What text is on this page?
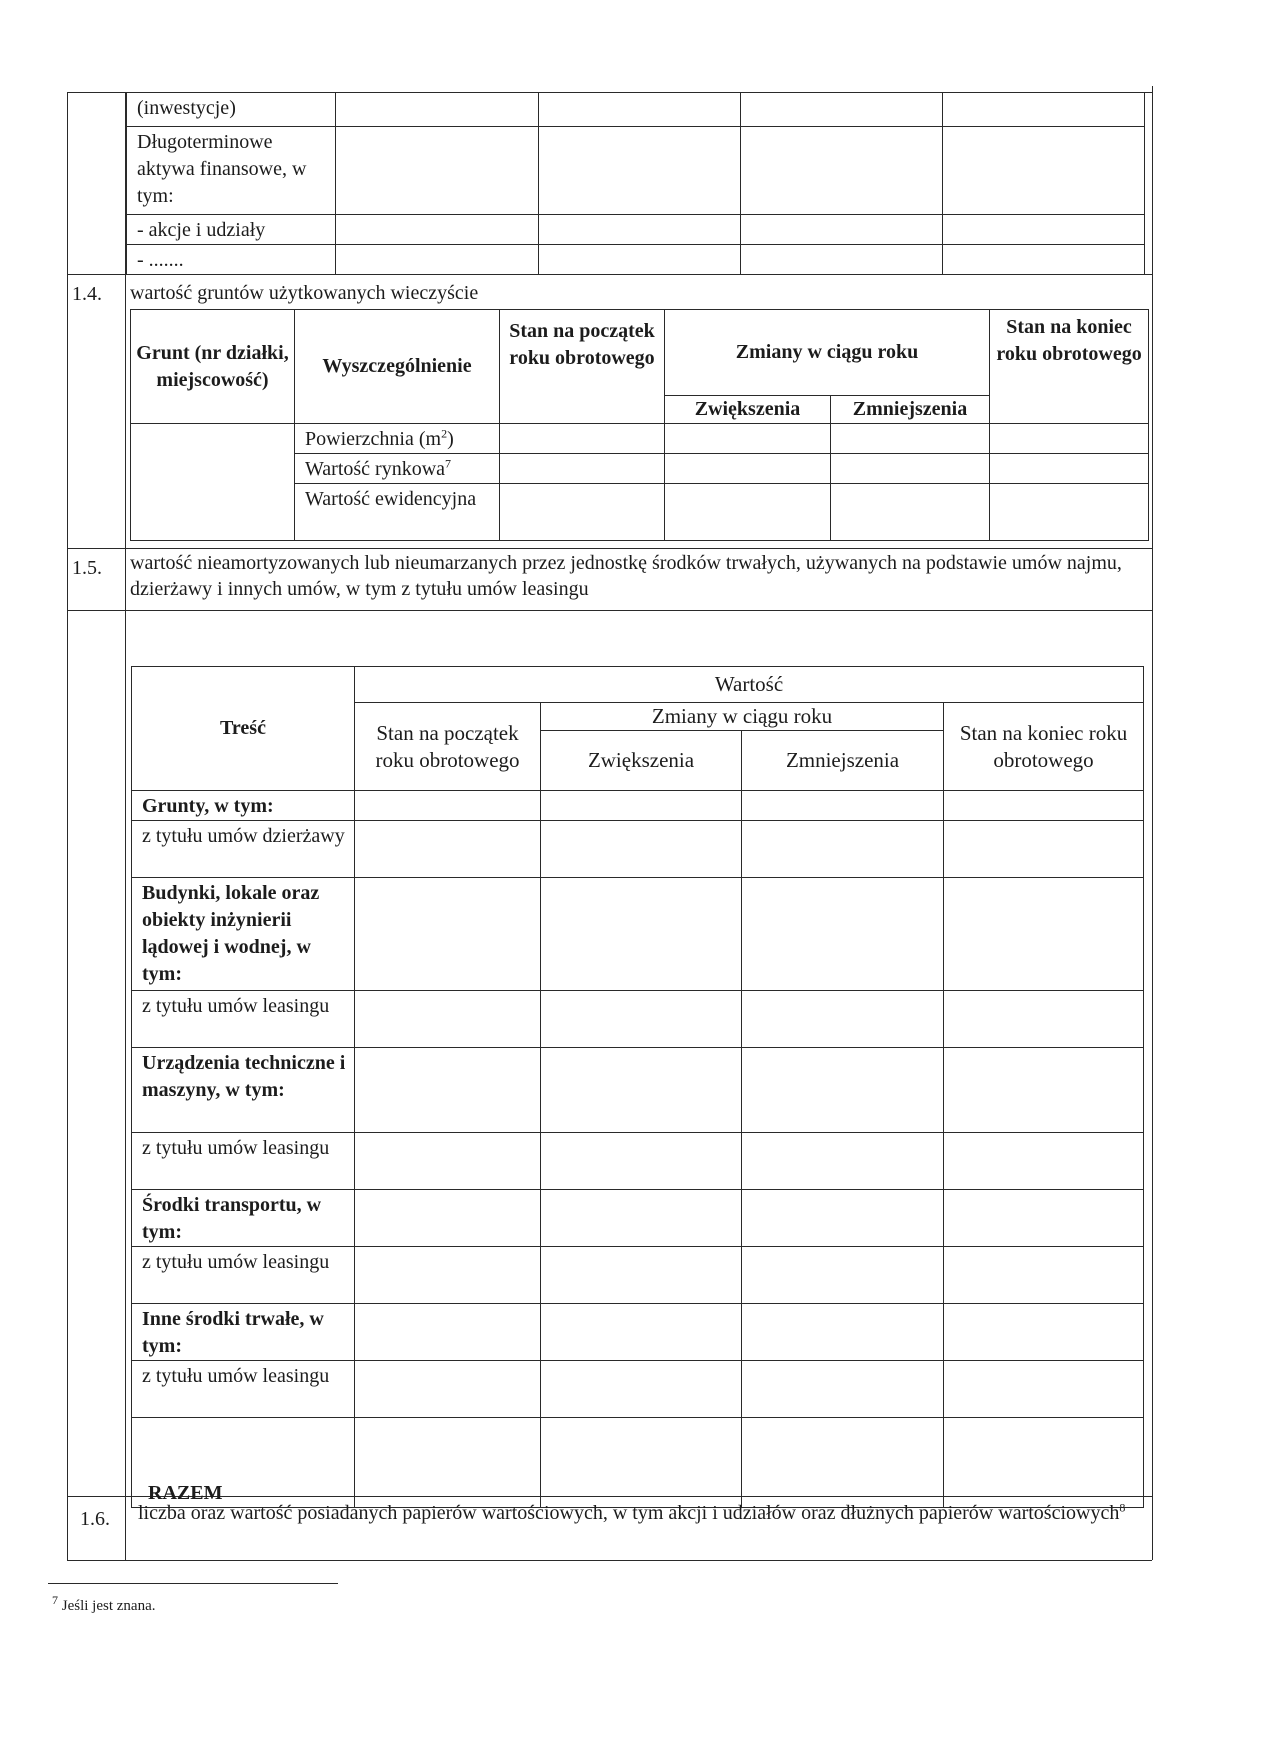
(inwestycje)				
Długoterminowe aktywa finansowe, w tym:				
- akcje i udziały				
- .......				
1.4. wartość gruntów użytkowanych wieczyście
Grunt (nr działki, miejscowość)	Wyszczególnienie	Stan na początek roku obrotowego	Zmiany w ciągu roku		Stan na koniec roku obrotowego
			Zwiększenia	Zmniejszenia	
	Powierzchnia $(m^2)$				
	Wartość rynkowa$^7$				
	Wartość ewidencyjna				
1.5. wartość nieamortyzowanych lub nieumarzanych przez jednostkę środków trwałych, używanych na podstawie umów najmu, dzierżawy i innych umów, w tym z tytułu umów leasingu
Treść	Wartość			
	Stan na początek roku obrotowego	Zmiany w ciągu roku		Stan na koniec roku obrotowego
		Zwiększenia	Zmniejszenia	
Grunty, w tym:				
z tytułu umów dzierżawy				
Budynki, lokale oraz obiekty inżynierii lądowej i wodnej, w tym:				
z tytułu umów leasingu				
Urządzenia techniczne i maszyny, w tym:				
z tytułu umów leasingu				
Środki transportu, w tym:				
z tytułu umów leasingu				
Inne środki trwałe, w tym:				
z tytułu umów leasingu				
RAZEM				
1.6. liczba oraz wartość posiadanych papierów wartościowych, w tym akcji i udziałów oraz dłużnych papierów wartościowych$^8$
$^7$ Jeśli jest znana.
